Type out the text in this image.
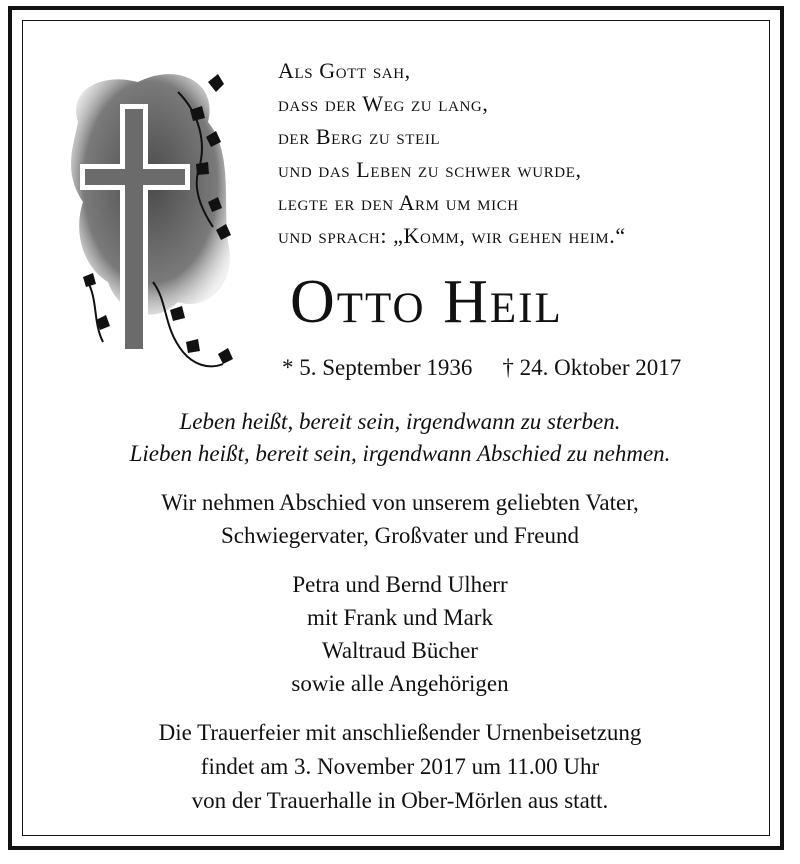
Als Gott sah,
dass der Weg zu lang,
der Berg zu steil
und das Leben zu schwer wurde,
legte er den Arm um mich
und sprach: „Komm, wir gehen heim.“
Otto Heil
* 5. September 1936 † 24. Oktober 2017
Leben heißt, bereit sein, irgendwann zu sterben.
Lieben heißt, bereit sein, irgendwann Abschied zu nehmen.
Wir nehmen Abschied von unserem geliebten Vater,
Schwiegervater, Großvater und Freund
Petra und Bernd Ulherr
mit Frank und Mark
Waltraud Bücher
sowie alle Angehörigen
Die Trauerfeier mit anschließender Urnenbeisetzung
findet am 3. November 2017 um 11.00 Uhr
von der Trauerhalle in Ober-Mörlen aus statt.
